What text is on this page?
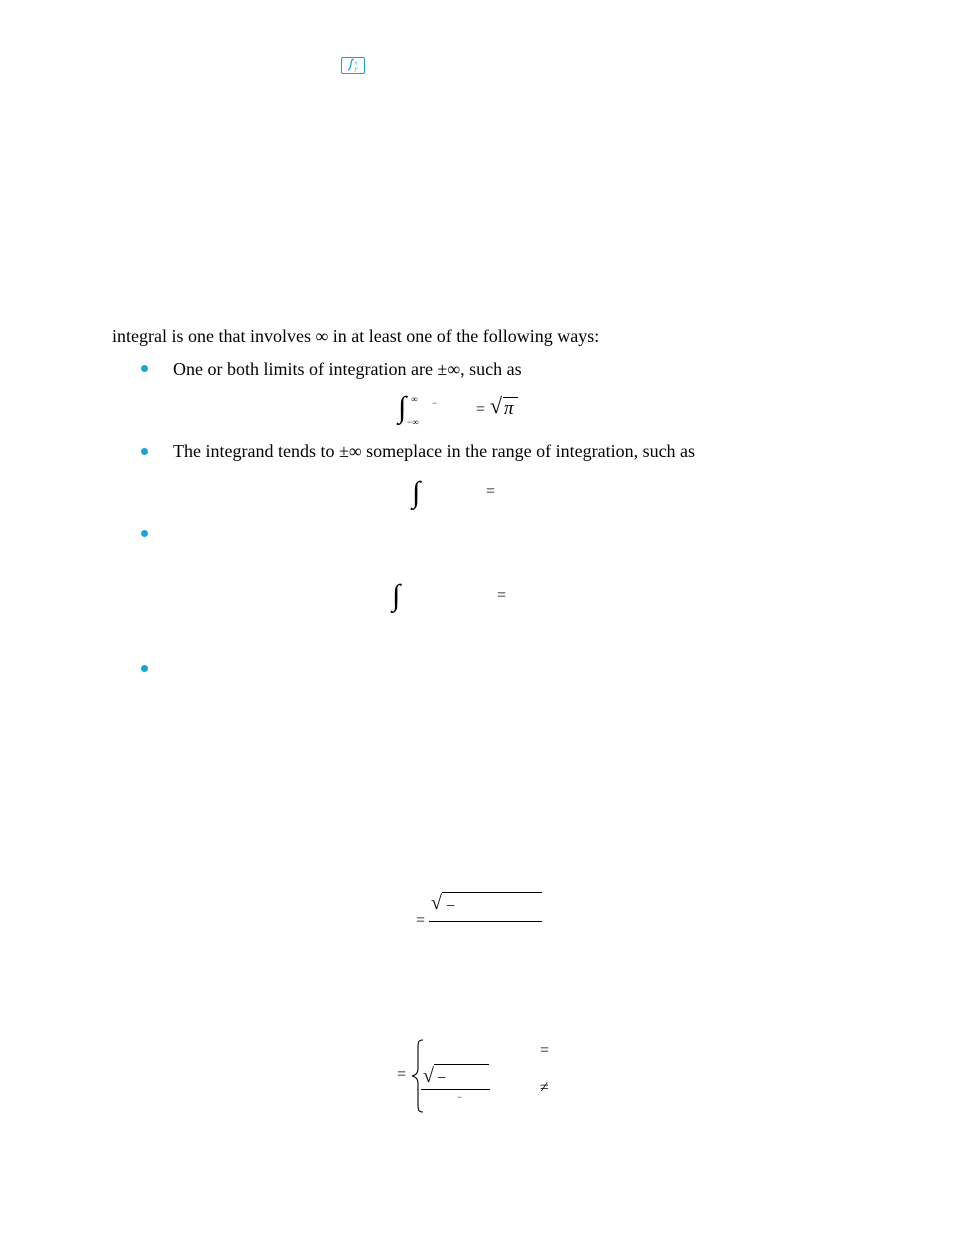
x
y
integral is one that involves ∞ in at least one of the following ways:
One or both limits of integration are ±∞, such as
∫ ∞
−∞
− = √ π
The integrand tends to ±∞ someplace in the range of integration, such as
∫	=
∫	=
=
√ −
= √ −
−
=
≠
